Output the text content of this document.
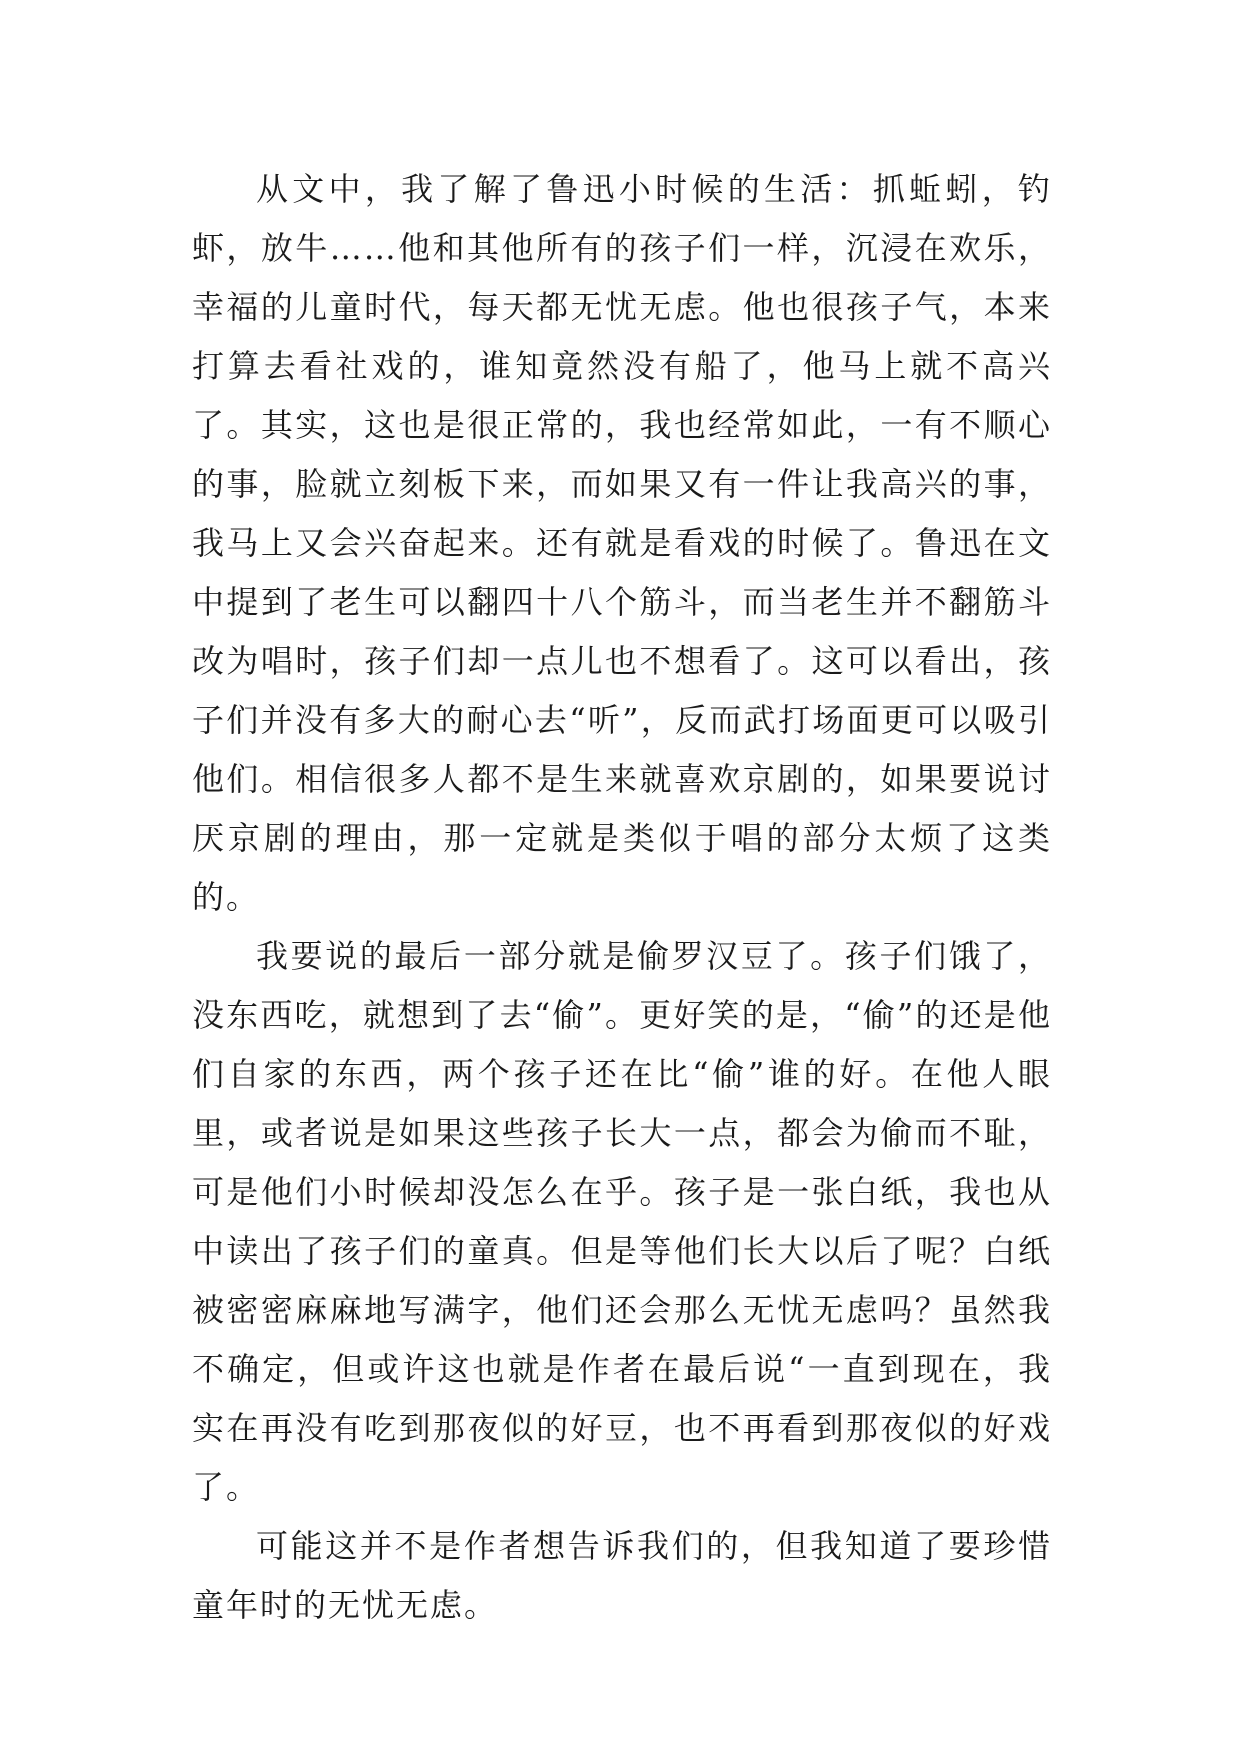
从文中，我了解了鲁迅小时候的生活：抓蚯蚓，钓虾，放牛……他和其他所有的孩子们一样，沉浸在欢乐，幸福的儿童时代，每天都无忧无虑。他也很孩子气，本来打算去看社戏的，谁知竟然没有船了，他马上就不高兴了。其实，这也是很正常的，我也经常如此，一有不顺心的事，脸就立刻板下来，而如果又有一件让我高兴的事，我马上又会兴奋起来。还有就是看戏的时候了。鲁迅在文中提到了老生可以翻四十八个筋斗，而当老生并不翻筋斗改为唱时，孩子们却一点儿也不想看了。这可以看出，孩子们并没有多大的耐心去“听”，反而武打场面更可以吸引他们。相信很多人都不是生来就喜欢京剧的，如果要说讨厌京剧的理由，那一定就是类似于唱的部分太烦了这类的。

我要说的最后一部分就是偷罗汉豆了。孩子们饿了，没东西吃，就想到了去“偷”。更好笑的是，“偷”的还是他们自家的东西，两个孩子还在比“偷”谁的好。在他人眼里，或者说是如果这些孩子长大一点，都会为偷而不耻，可是他们小时候却没怎么在乎。孩子是一张白纸，我也从中读出了孩子们的童真。但是等他们长大以后了呢？白纸被密密麻麻地写满字，他们还会那么无忧无虑吗？虽然我不确定，但或许这也就是作者在最后说“一直到现在，我实在再没有吃到那夜似的好豆，也不再看到那夜似的好戏了。

可能这并不是作者想告诉我们的，但我知道了要珍惜童年时的无忧无虑。
